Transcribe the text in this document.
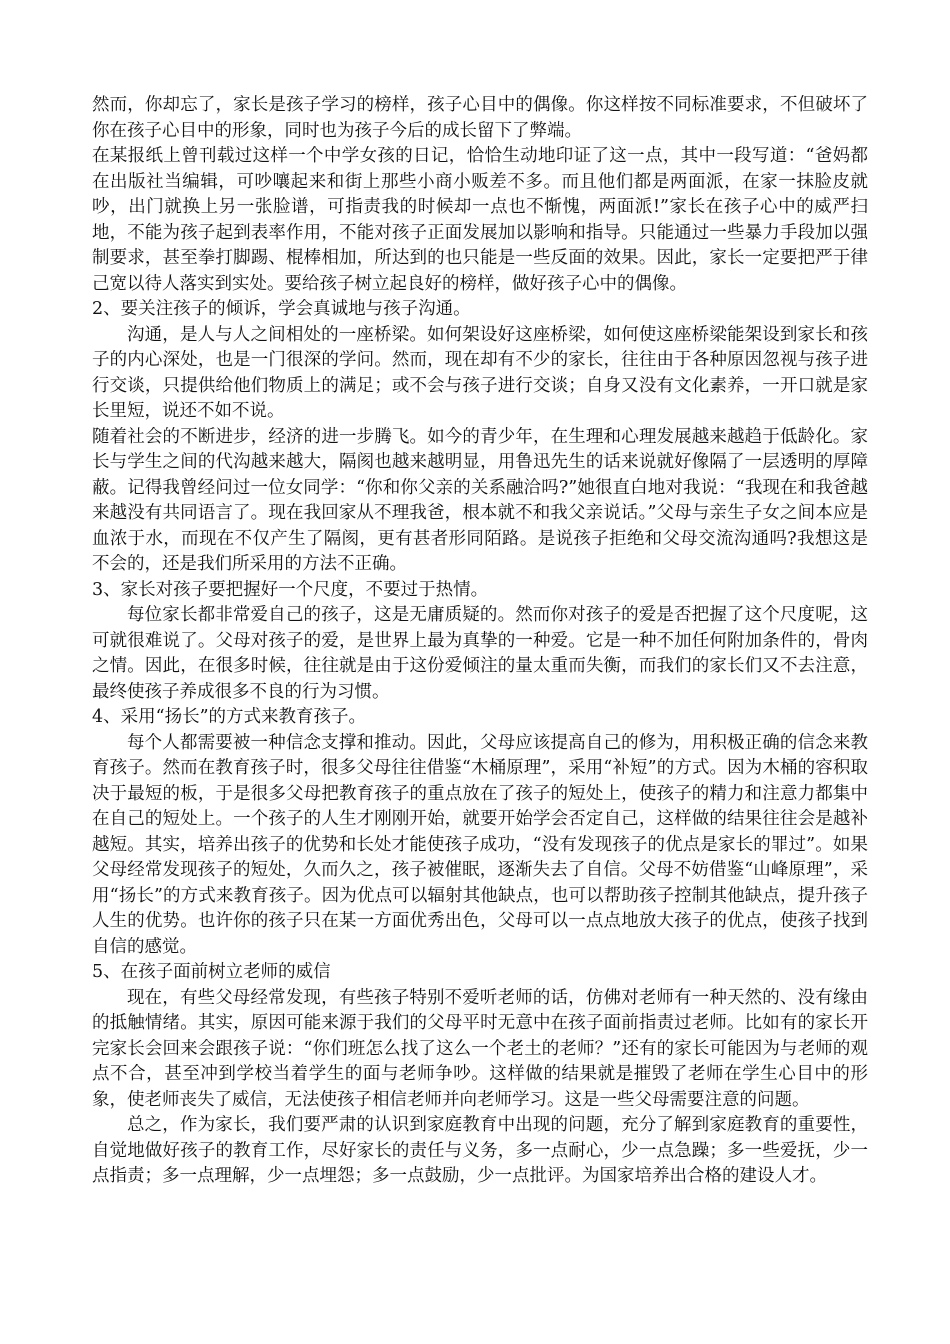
然而，你却忘了，家长是孩子学习的榜样，孩子心目中的偶像。你这样按不同标准要求，不但破坏了你在孩子心目中的形象，同时也为孩子今后的成长留下了弊端。

在某报纸上曾刊载过这样一个中学女孩的日记，恰恰生动地印证了这一点，其中一段写道：“爸妈都在出版社当编辑，可吵嚷起来和街上那些小商小贩差不多。而且他们都是两面派，在家一抹脸皮就吵，出门就换上另一张脸谱，可指责我的时候却一点也不惭愧，两面派!”家长在孩子心中的威严扫地，不能为孩子起到表率作用，不能对孩子正面发展加以影响和指导。只能通过一些暴力手段加以强制要求，甚至拳打脚踢、棍棒相加，所达到的也只能是一些反面的效果。因此，家长一定要把严于律己宽以待人落实到实处。要给孩子树立起良好的榜样，做好孩子心中的偶像。

2、要关注孩子的倾诉，学会真诚地与孩子沟通。

沟通，是人与人之间相处的一座桥梁。如何架设好这座桥梁，如何使这座桥梁能架设到家长和孩子的内心深处，也是一门很深的学问。然而，现在却有不少的家长，往往由于各种原因忽视与孩子进行交谈，只提供给他们物质上的满足；或不会与孩子进行交谈；自身又没有文化素养，一开口就是家长里短，说还不如不说。

随着社会的不断进步，经济的进一步腾飞。如今的青少年，在生理和心理发展越来越趋于低龄化。家长与学生之间的代沟越来越大，隔阂也越来越明显，用鲁迅先生的话来说就好像隔了一层透明的厚障蔽。记得我曾经问过一位女同学：“你和你父亲的关系融洽吗?”她很直白地对我说：“我现在和我爸越来越没有共同语言了。现在我回家从不理我爸，根本就不和我父亲说话。”父母与亲生子女之间本应是血浓于水，而现在不仅产生了隔阂，更有甚者形同陌路。是说孩子拒绝和父母交流沟通吗?我想这是不会的，还是我们所采用的方法不正确。

3、家长对孩子要把握好一个尺度，不要过于热情。

每位家长都非常爱自己的孩子，这是无庸质疑的。然而你对孩子的爱是否把握了这个尺度呢，这可就很难说了。父母对孩子的爱，是世界上最为真挚的一种爱。它是一种不加任何附加条件的，骨肉之情。因此，在很多时候，往往就是由于这份爱倾注的量太重而失衡，而我们的家长们又不去注意，最终使孩子养成很多不良的行为习惯。

4、采用“扬长”的方式来教育孩子。

每个人都需要被一种信念支撑和推动。因此，父母应该提高自己的修为，用积极正确的信念来教育孩子。然而在教育孩子时，很多父母往往借鉴“木桶原理”，采用“补短”的方式。因为木桶的容积取决于最短的板，于是很多父母把教育孩子的重点放在了孩子的短处上，使孩子的精力和注意力都集中在自己的短处上。一个孩子的人生才刚刚开始，就要开始学会否定自己，这样做的结果往往会是越补越短。其实，培养出孩子的优势和长处才能使孩子成功，“没有发现孩子的优点是家长的罪过”。如果父母经常发现孩子的短处，久而久之，孩子被催眠，逐渐失去了自信。父母不妨借鉴“山峰原理”，采用“扬长”的方式来教育孩子。因为优点可以辐射其他缺点，也可以帮助孩子控制其他缺点，提升孩子人生的优势。也许你的孩子只在某一方面优秀出色，父母可以一点点地放大孩子的优点，使孩子找到自信的感觉。

5、在孩子面前树立老师的威信

现在，有些父母经常发现，有些孩子特别不爱听老师的话，仿佛对老师有一种天然的、没有缘由的抵触情绪。其实，原因可能来源于我们的父母平时无意中在孩子面前指责过老师。比如有的家长开完家长会回来会跟孩子说：“你们班怎么找了这么一个老土的老师？”还有的家长可能因为与老师的观点不合，甚至冲到学校当着学生的面与老师争吵。这样做的结果就是摧毁了老师在学生心目中的形象，使老师丧失了威信，无法使孩子相信老师并向老师学习。这是一些父母需要注意的问题。

总之，作为家长，我们要严肃的认识到家庭教育中出现的问题，充分了解到家庭教育的重要性，自觉地做好孩子的教育工作，尽好家长的责任与义务，多一点耐心，少一点急躁；多一些爱抚，少一点指责；多一点理解，少一点埋怨；多一点鼓励，少一点批评。为国家培养出合格的建设人才。
